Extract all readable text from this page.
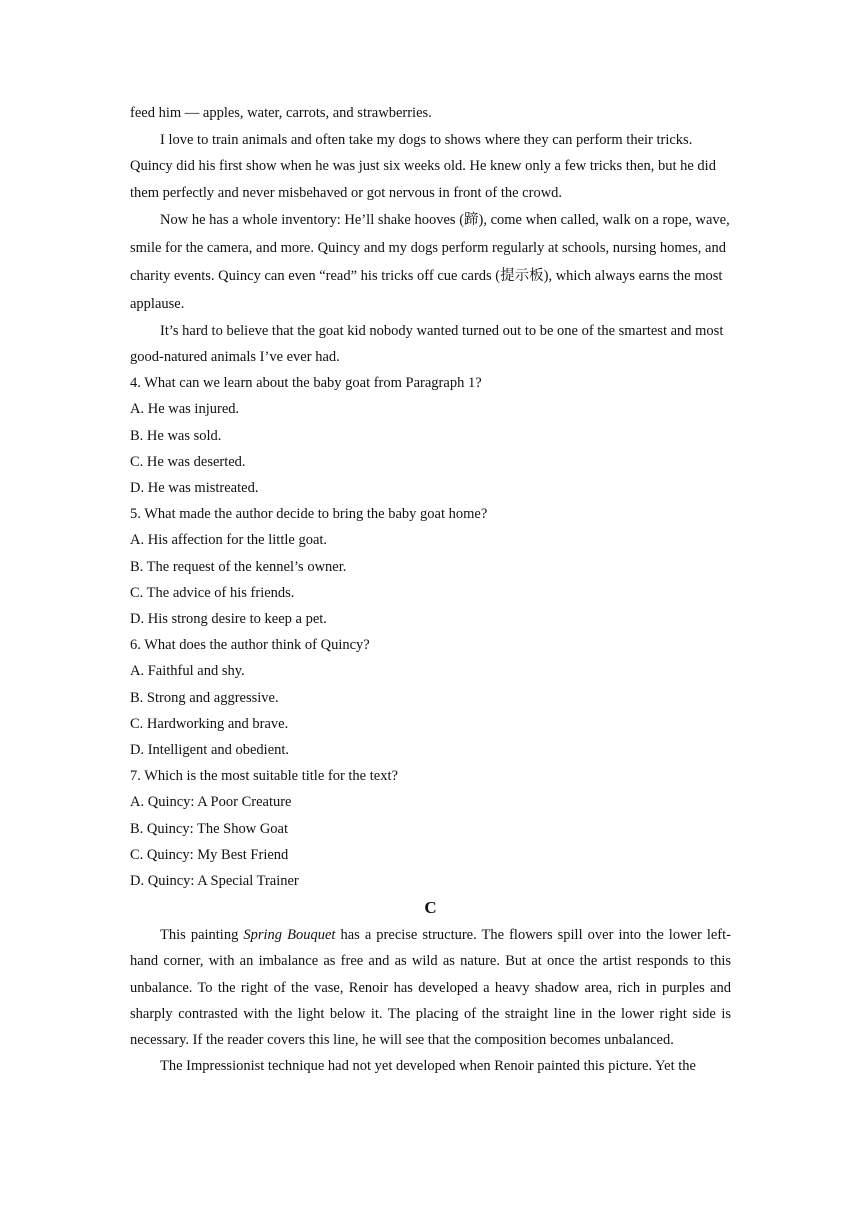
feed him — apples, water, carrots, and strawberries.

I love to train animals and often take my dogs to shows where they can perform their tricks. Quincy did his first show when he was just six weeks old. He knew only a few tricks then, but he did them perfectly and never misbehaved or got nervous in front of the crowd.

Now he has a whole inventory: He’ll shake hooves (蹄), come when called, walk on a rope, wave, smile for the camera, and more. Quincy and my dogs perform regularly at schools, nursing homes, and charity events. Quincy can even “read” his tricks off cue cards (提示板), which always earns the most applause.

It’s hard to believe that the goat kid nobody wanted turned out to be one of the smartest and most good-natured animals I’ve ever had.

4. What can we learn about the baby goat from Paragraph 1?

A. He was injured.

B. He was sold.

C. He was deserted.

D. He was mistreated.

5. What made the author decide to bring the baby goat home?

A. His affection for the little goat.

B. The request of the kennel’s owner.

C. The advice of his friends.

D. His strong desire to keep a pet.

6. What does the author think of Quincy?

A. Faithful and shy.

B. Strong and aggressive.

C. Hardworking and brave.

D. Intelligent and obedient.

7. Which is the most suitable title for the text?

A. Quincy: A Poor Creature

B. Quincy: The Show Goat

C. Quincy: My Best Friend

D. Quincy: A Special Trainer

C

This painting Spring Bouquet has a precise structure. The flowers spill over into the lower left-hand corner, with an imbalance as free and as wild as nature. But at once the artist responds to this unbalance. To the right of the vase, Renoir has developed a heavy shadow area, rich in purples and sharply contrasted with the light below it. The placing of the straight line in the lower right side is necessary. If the reader covers this line, he will see that the composition becomes unbalanced.

The Impressionist technique had not yet developed when Renoir painted this picture. Yet the
